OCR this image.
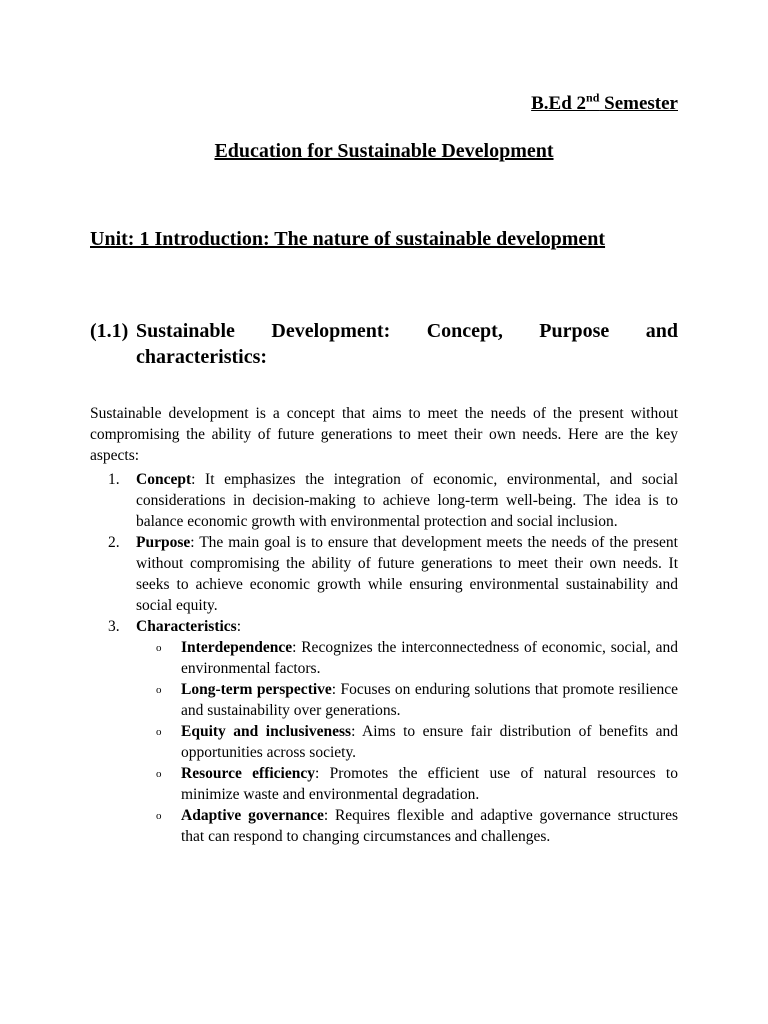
B.Ed 2nd Semester
Education for Sustainable Development
Unit: 1 Introduction: The nature of sustainable development
(1.1) Sustainable Development: Concept, Purpose and
characteristics:

Sustainable development is a concept that aims to meet the needs of the present without compromising the ability of future generations to meet their own needs. Here are the key aspects:

1. Concept: It emphasizes the integration of economic, environmental, and social considerations in decision-making to achieve long-term well-being. The idea is to balance economic growth with environmental protection and social inclusion.
2. Purpose: The main goal is to ensure that development meets the needs of the present without compromising the ability of future generations to meet their own needs. It seeks to achieve economic growth while ensuring environmental sustainability and social equity.
3. Characteristics:
o Interdependence: Recognizes the interconnectedness of economic, social, and environmental factors.
o Long-term perspective: Focuses on enduring solutions that promote resilience and sustainability over generations.
o Equity and inclusiveness: Aims to ensure fair distribution of benefits and opportunities across society.
o Resource efficiency: Promotes the efficient use of natural resources to minimize waste and environmental degradation.
o Adaptive governance: Requires flexible and adaptive governance structures that can respond to changing circumstances and challenges.
